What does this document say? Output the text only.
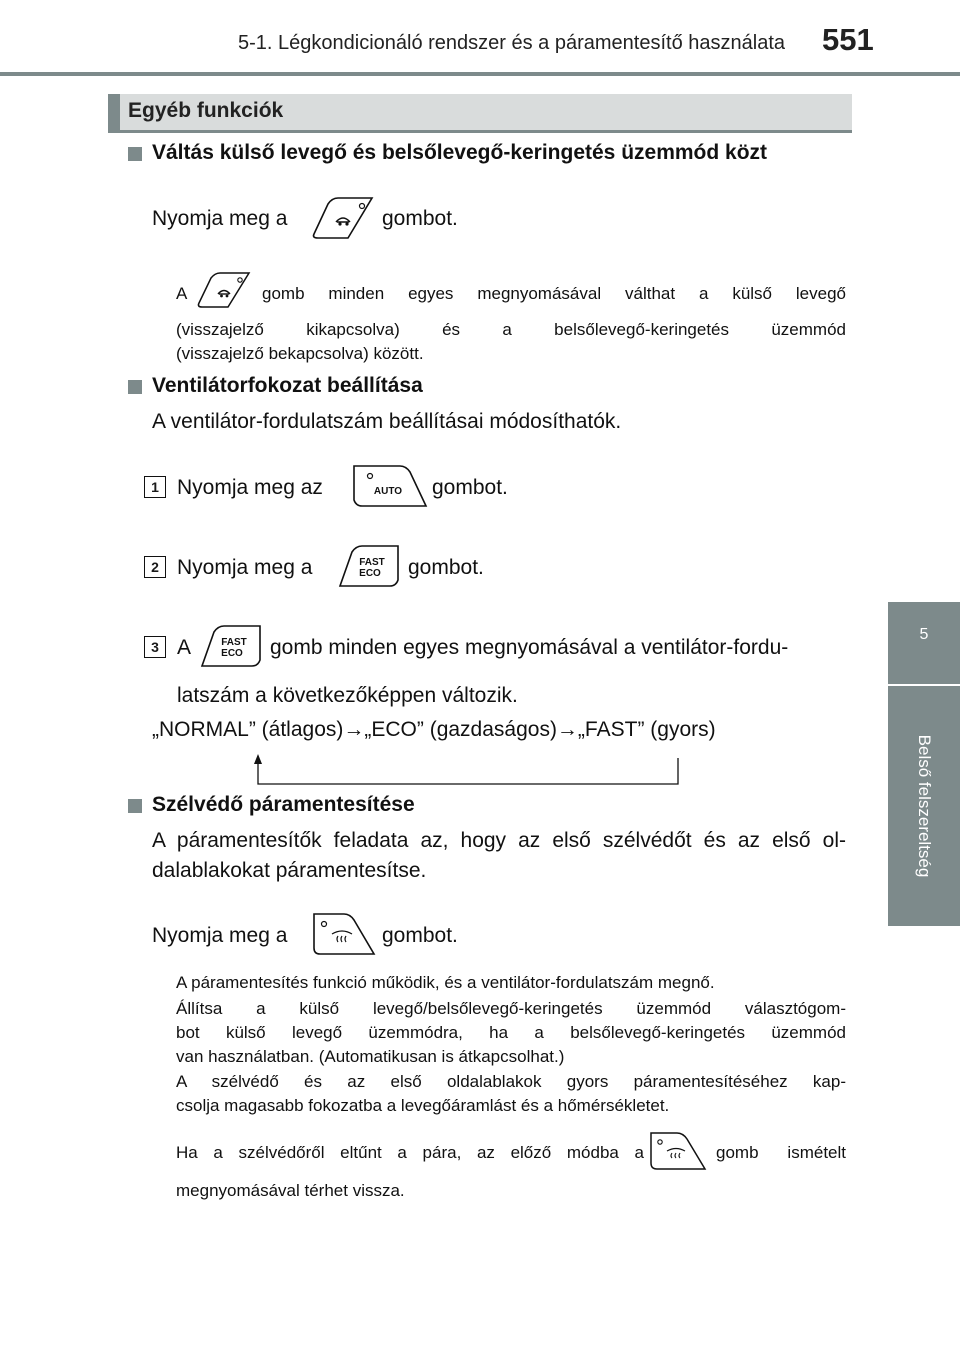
5-1. Légkondicionáló rendszer és a páramentesítő használata 551
5
Belső felszereltség
Egyéb funkciók
Váltás külső levegő és belsőlevegő-keringetés üzemmód közt
Nyomja meg a	gombot.
A	gomb minden egyes megnyomásával válthat a külső levegő
(visszajelző kikapcsolva) és a belsőlevegő-keringetés üzemmód
(visszajelző bekapcsolva) között.
Ventilátorfokozat beállítása
A ventilátor-fordulatszám beállításai módosíthatók.
1 Nyomja meg az	AUTO gombot.
2 Nyomja meg a	FAST
ECO gombot.
3 A	FAST
ECO gomb minden egyes megnyomásával a ventilátor-fordu-
latszám a következőképpen változik.
„NORMAL” (átlagos)→„ECO” (gazdaságos)→„FAST” (gyors)
Szélvédő páramentesítése
A páramentesítők feladata az, hogy az első szélvédőt és az első ol-
dalablakokat páramentesítse.
Nyomja meg a	gombot.
A páramentesítés funkció működik, és a ventilátor-fordulatszám megnő.
Állítsa a külső levegő/belsőlevegő-keringetés üzemmód választógom-
bot külső levegő üzemmódra, ha a belsőlevegő-keringetés üzemmód
van használatban. (Automatikusan is átkapcsolhat.)
A szélvédő és az első oldalablakok gyors páramentesítéséhez kap-
csolja magasabb fokozatba a levegőáramlást és a hőmérsékletet.
Ha a szélvédőről eltűnt a pára, az előző módba a	gomb ismételt
megnyomásával térhet vissza.
